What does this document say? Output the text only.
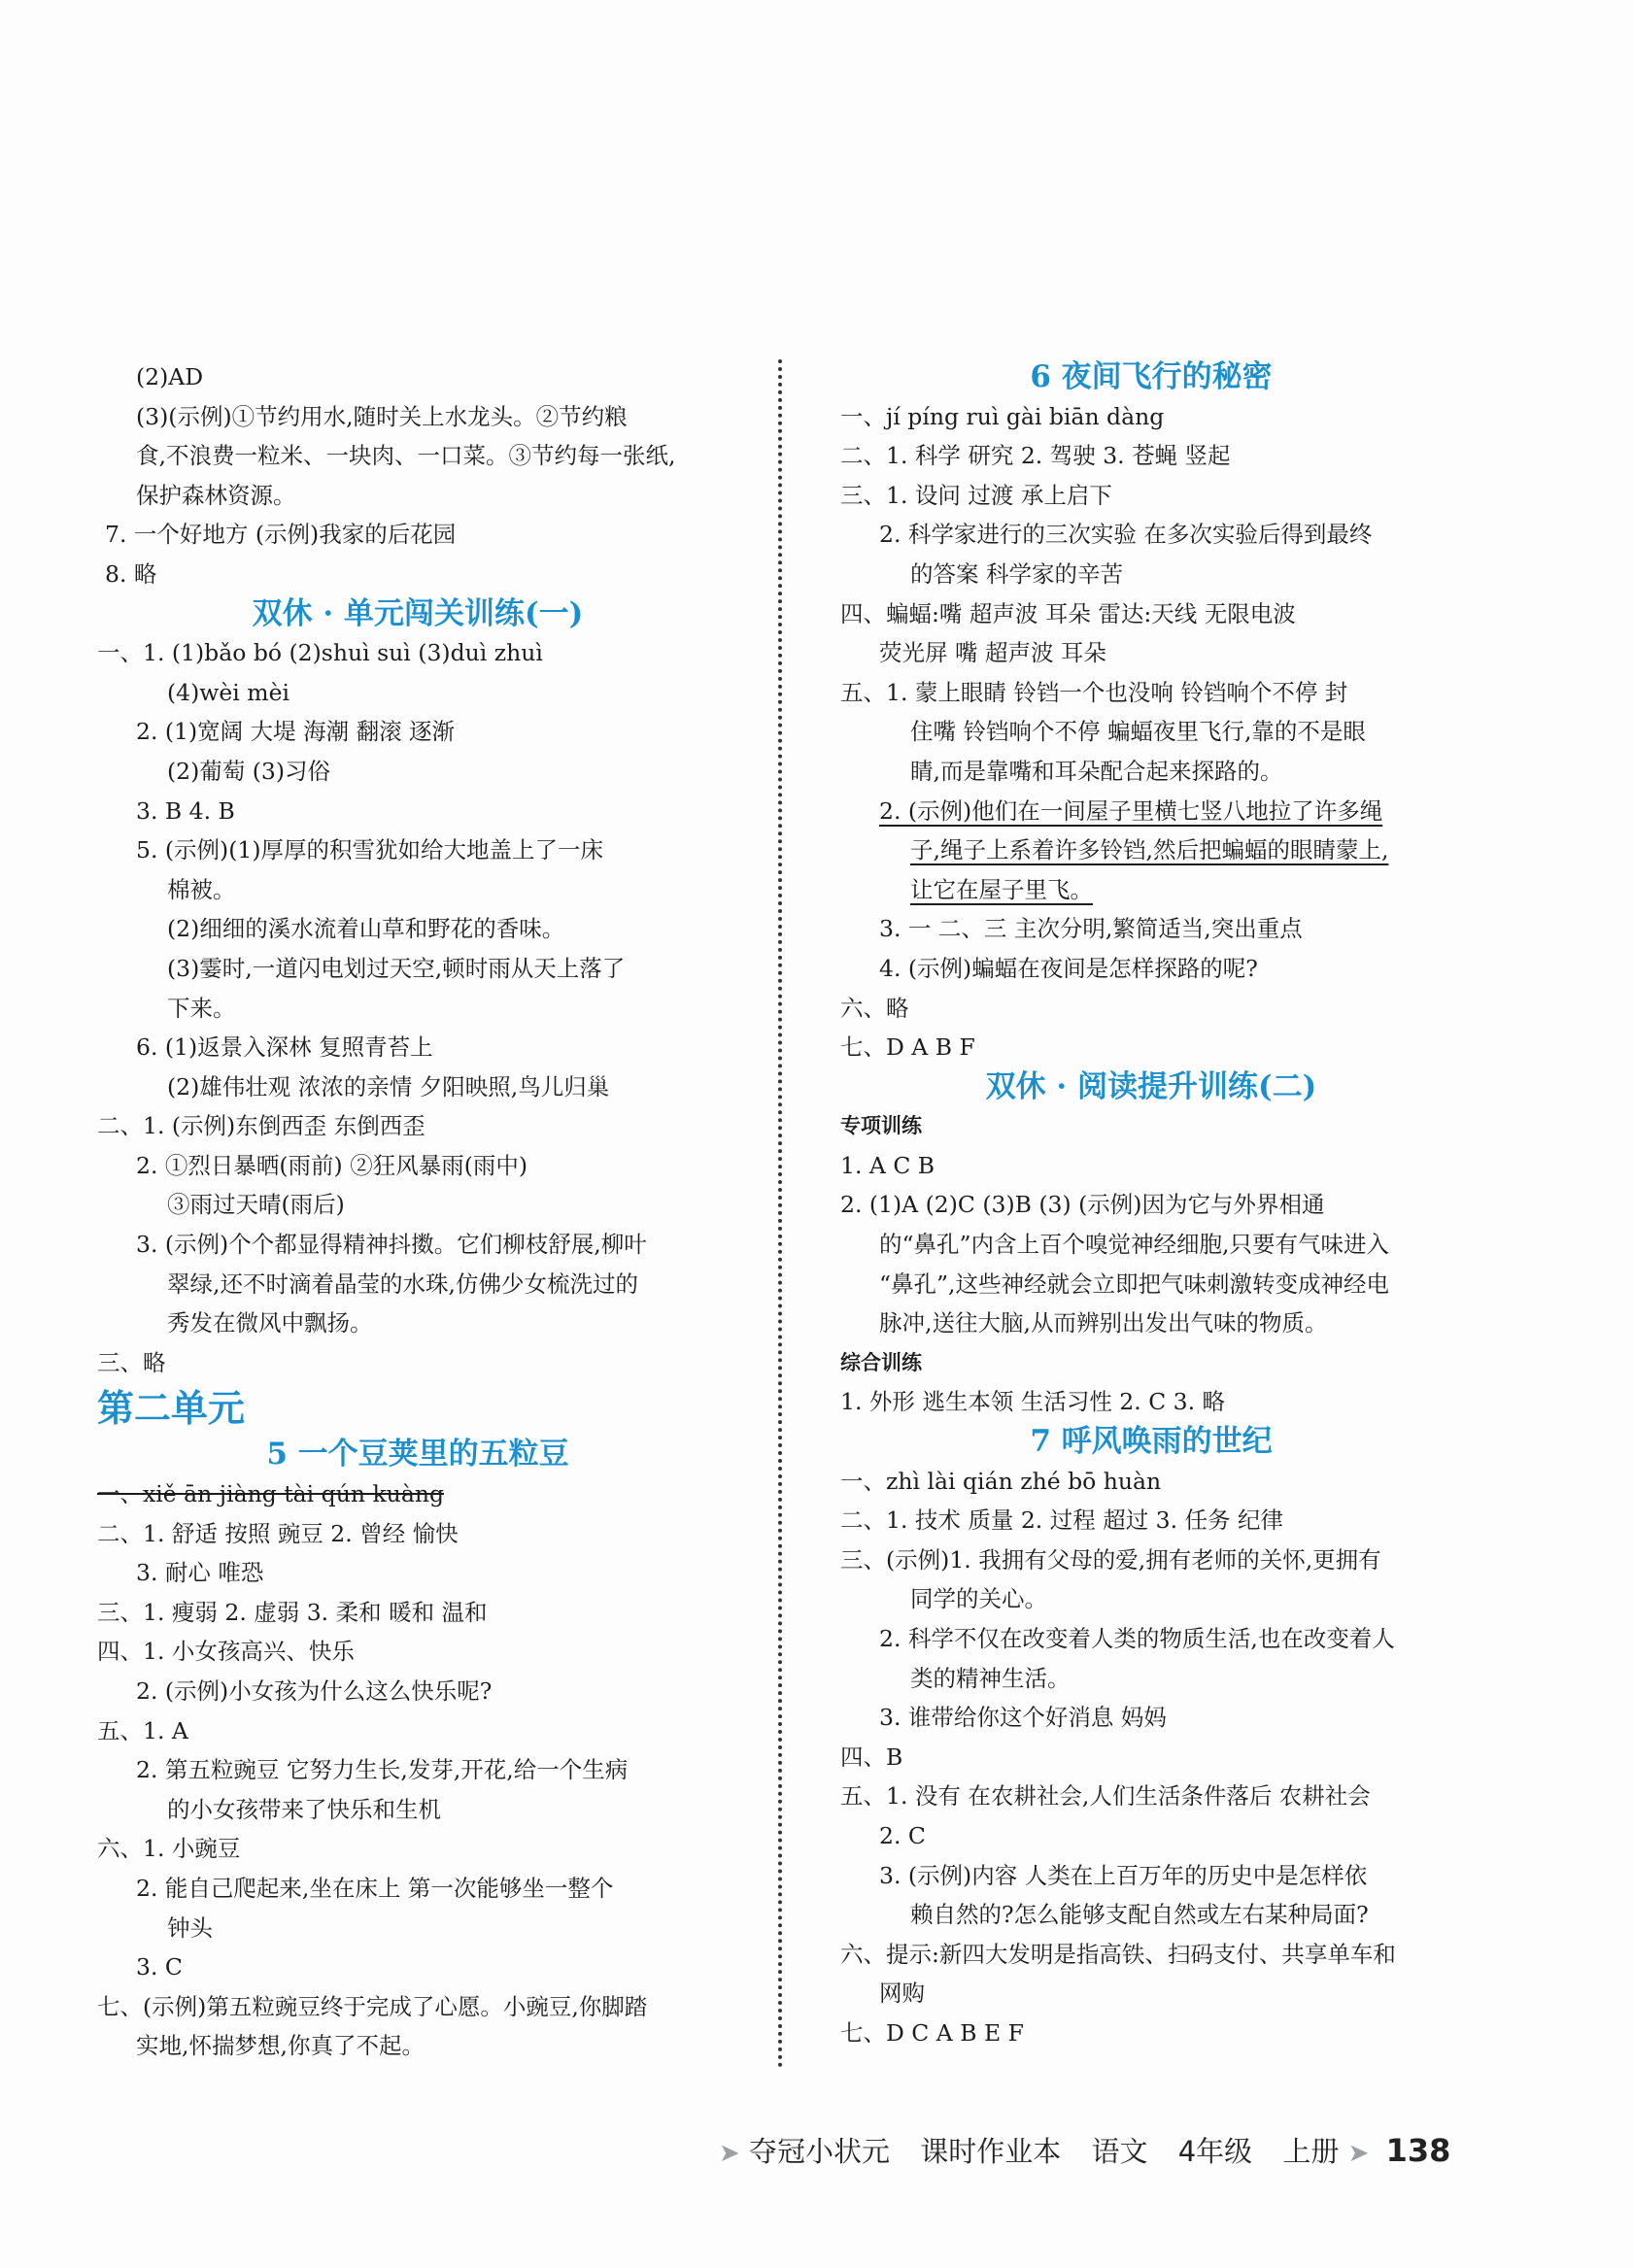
(2)AD
(3)(示例)①节约用水,随时关上水龙头。②节约粮
食,不浪费一粒米、一块肉、一口菜。③节约每一张纸,
保护森林资源。
7. 一个好地方 (示例)我家的后花园
8. 略
双休 · 单元闯关训练(一)
一、1. (1)bǎo bó (2)shuì suì (3)duì zhuì
(4)wèi mèi
2. (1)宽阔 大堤 海潮 翻滚 逐渐
(2)葡萄 (3)习俗
3. B 4. B
5. (示例)(1)厚厚的积雪犹如给大地盖上了一床
棉被。
(2)细细的溪水流着山草和野花的香味。
(3)霎时,一道闪电划过天空,顿时雨从天上落了
下来。
6. (1)返景入深林 复照青苔上
(2)雄伟壮观 浓浓的亲情 夕阳映照,鸟儿归巢
二、1. (示例)东倒西歪 东倒西歪
2. ①烈日暴晒(雨前) ②狂风暴雨(雨中)
③雨过天晴(雨后)
3. (示例)个个都显得精神抖擞。它们柳枝舒展,柳叶
翠绿,还不时滴着晶莹的水珠,仿佛少女梳洗过的
秀发在微风中飘扬。
三、略
第二单元
5 一个豆荚里的五粒豆
一、xiě ān jiàng tài qún kuàng
二、1. 舒适 按照 豌豆 2. 曾经 愉快
3. 耐心 唯恐
三、1. 瘦弱 2. 虚弱 3. 柔和 暖和 温和
四、1. 小女孩高兴、快乐
2. (示例)小女孩为什么这么快乐呢?
五、1. A
2. 第五粒豌豆 它努力生长,发芽,开花,给一个生病
的小女孩带来了快乐和生机
六、1. 小豌豆
2. 能自己爬起来,坐在床上 第一次能够坐一整个
钟头
3. C
七、(示例)第五粒豌豆终于完成了心愿。小豌豆,你脚踏
实地,怀揣梦想,你真了不起。
6 夜间飞行的秘密
一、jí píng ruì gài biān dàng
二、1. 科学 研究 2. 驾驶 3. 苍蝇 竖起
三、1. 设问 过渡 承上启下
2. 科学家进行的三次实验 在多次实验后得到最终
的答案 科学家的辛苦
四、蝙蝠:嘴 超声波 耳朵 雷达:天线 无限电波
荧光屏 嘴 超声波 耳朵
五、1. 蒙上眼睛 铃铛一个也没响 铃铛响个不停 封
住嘴 铃铛响个不停 蝙蝠夜里飞行,靠的不是眼
睛,而是靠嘴和耳朵配合起来探路的。
2. (示例)他们在一间屋子里横七竖八地拉了许多绳
子,绳子上系着许多铃铛,然后把蝙蝠的眼睛蒙上,
让它在屋子里飞。
3. 一 二、三 主次分明,繁简适当,突出重点
4. (示例)蝙蝠在夜间是怎样探路的呢?
六、略
七、D A B F
双休 · 阅读提升训练(二)
专项训练
1. A C B
2. (1)A (2)C (3)B (3) (示例)因为它与外界相通
的“鼻孔”内含上百个嗅觉神经细胞,只要有气味进入
“鼻孔”,这些神经就会立即把气味刺激转变成神经电
脉冲,送往大脑,从而辨别出发出气味的物质。
综合训练
1. 外形 逃生本领 生活习性 2. C 3. 略
7 呼风唤雨的世纪
一、zhì lài qián zhé bō huàn
二、1. 技术 质量 2. 过程 超过 3. 任务 纪律
三、(示例)1. 我拥有父母的爱,拥有老师的关怀,更拥有
同学的关心。
2. 科学不仅在改变着人类的物质生活,也在改变着人
类的精神生活。
3. 谁带给你这个好消息 妈妈
四、B
五、1. 没有 在农耕社会,人们生活条件落后 农耕社会
2. C
3. (示例)内容 人类在上百万年的历史中是怎样依
赖自然的?怎么能够支配自然或左右某种局面?
六、提示:新四大发明是指高铁、扫码支付、共享单车和
网购
七、D C A B E F
➤ 夺冠小状元 课时作业本 语文 4年级 上册 ➤ 138
